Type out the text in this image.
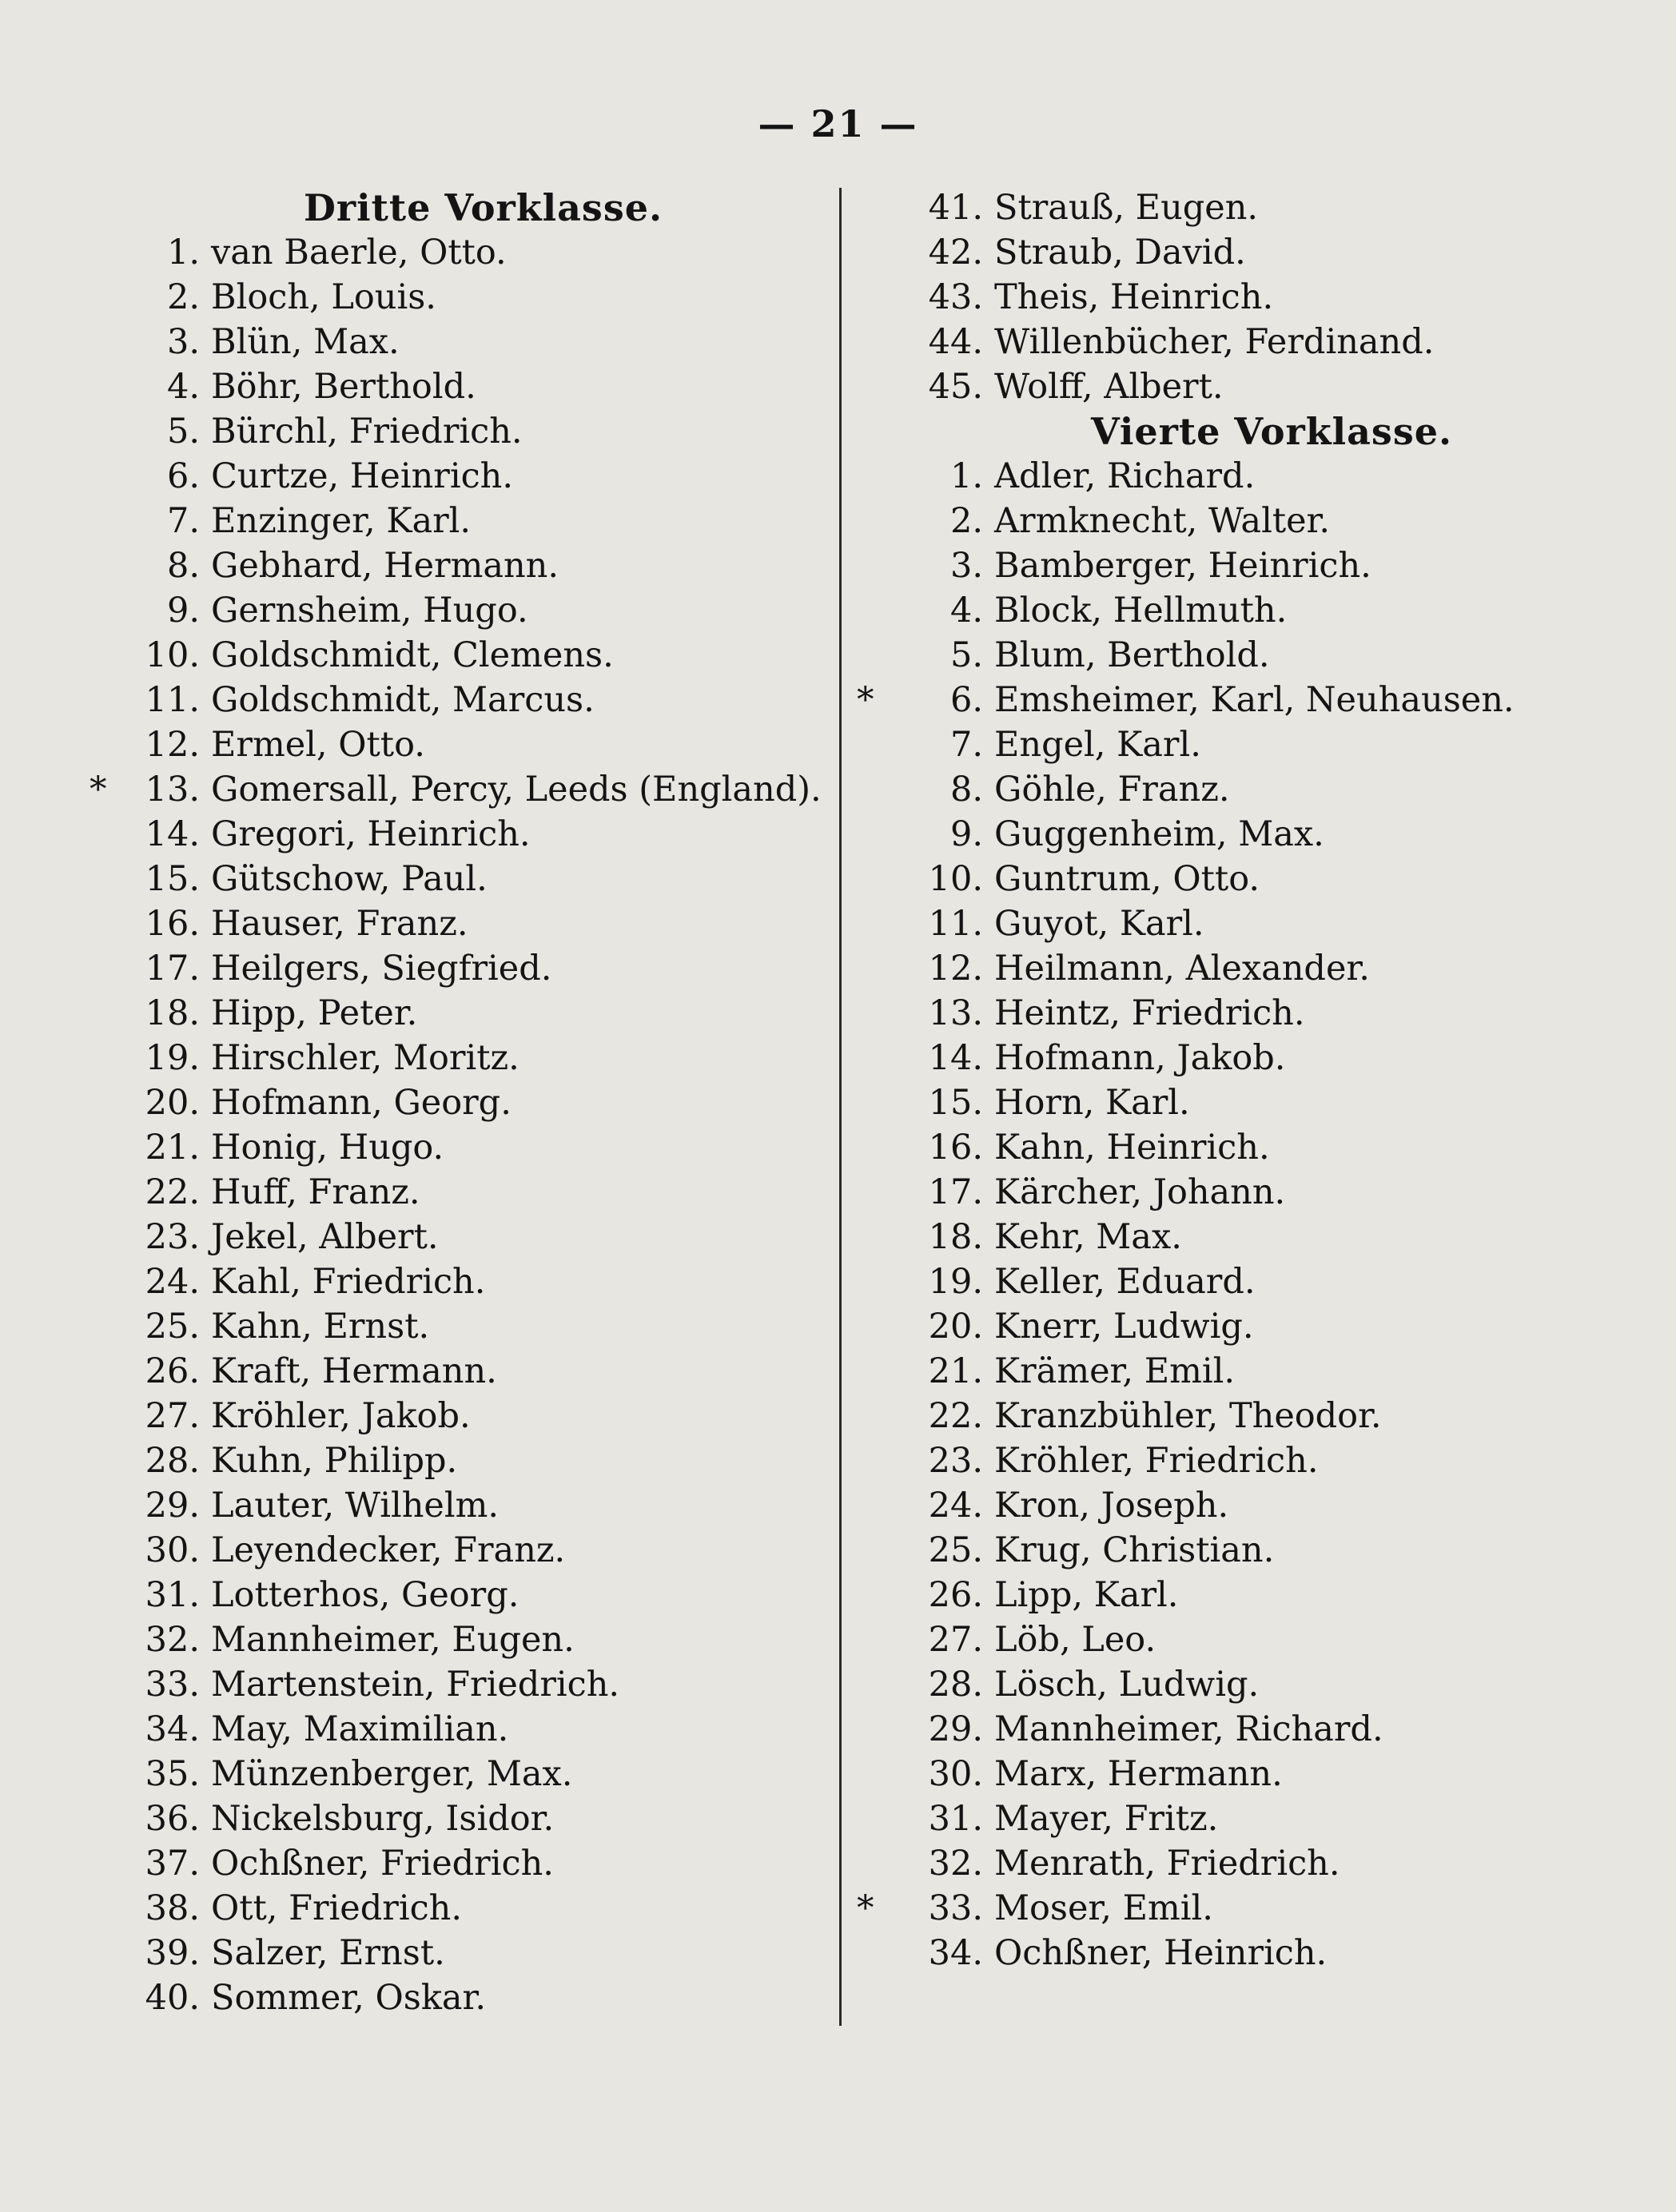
— 21 —
Dritte Vorklasse.
1. van Baerle, Otto.
2. Bloch, Louis.
3. Blün, Max.
4. Böhr, Berthold.
5. Bürchl, Friedrich.
6. Curtze, Heinrich.
7. Enzinger, Karl.
8. Gebhard, Hermann.
9. Gernsheim, Hugo.
10. Goldschmidt, Clemens.
11. Goldschmidt, Marcus.
12. Ermel, Otto.
* 13. Gomersall, Percy, Leeds (England).
14. Gregori, Heinrich.
15. Gütschow, Paul.
16. Hauser, Franz.
17. Heilgers, Siegfried.
18. Hipp, Peter.
19. Hirschler, Moritz.
20. Hofmann, Georg.
21. Honig, Hugo.
22. Huff, Franz.
23. Jekel, Albert.
24. Kahl, Friedrich.
25. Kahn, Ernst.
26. Kraft, Hermann.
27. Kröhler, Jakob.
28. Kuhn, Philipp.
29. Lauter, Wilhelm.
30. Leyendecker, Franz.
31. Lotterhos, Georg.
32. Mannheimer, Eugen.
33. Martenstein, Friedrich.
34. May, Maximilian.
35. Münzenberger, Max.
36. Nickelsburg, Isidor.
37. Ochßner, Friedrich.
38. Ott, Friedrich.
39. Salzer, Ernst.
40. Sommer, Oskar.
41. Strauß, Eugen.
42. Straub, David.
43. Theis, Heinrich.
44. Willenbücher, Ferdinand.
45. Wolff, Albert.
Vierte Vorklasse.
1. Adler, Richard.
2. Armknecht, Walter.
3. Bamberger, Heinrich.
4. Block, Hellmuth.
5. Blum, Berthold.
* 6. Emsheimer, Karl, Neuhausen.
7. Engel, Karl.
8. Göhle, Franz.
9. Guggenheim, Max.
10. Guntrum, Otto.
11. Guyot, Karl.
12. Heilmann, Alexander.
13. Heintz, Friedrich.
14. Hofmann, Jakob.
15. Horn, Karl.
16. Kahn, Heinrich.
17. Kärcher, Johann.
18. Kehr, Max.
19. Keller, Eduard.
20. Knerr, Ludwig.
21. Krämer, Emil.
22. Kranzbühler, Theodor.
23. Kröhler, Friedrich.
24. Kron, Joseph.
25. Krug, Christian.
26. Lipp, Karl.
27. Löb, Leo.
28. Lösch, Ludwig.
29. Mannheimer, Richard.
30. Marx, Hermann.
31. Mayer, Fritz.
32. Menrath, Friedrich.
* 33. Moser, Emil.
34. Ochßner, Heinrich.
